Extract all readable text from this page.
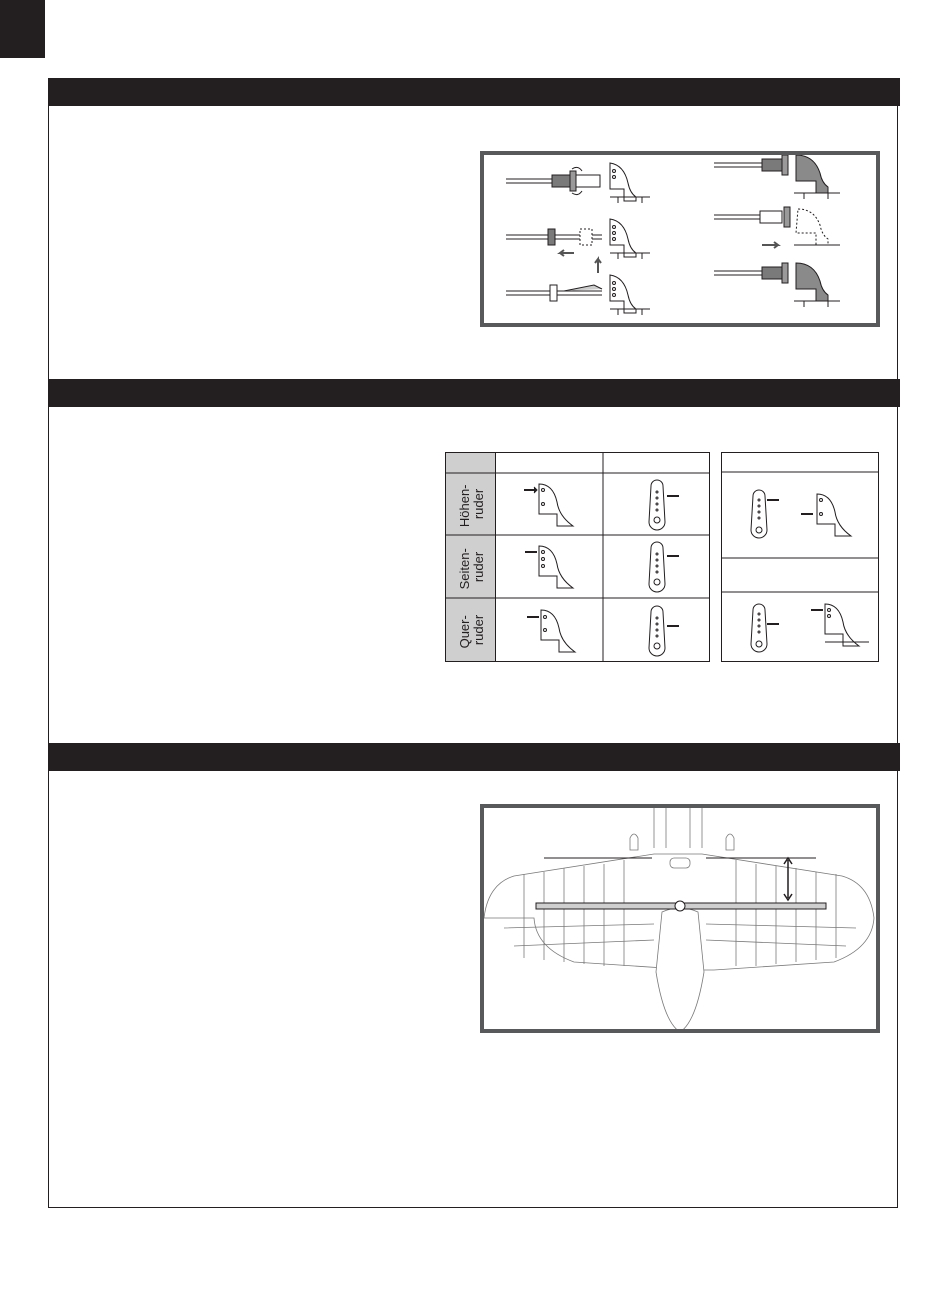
Höhen- ruder
Seiten- ruder
Quer- ruder
